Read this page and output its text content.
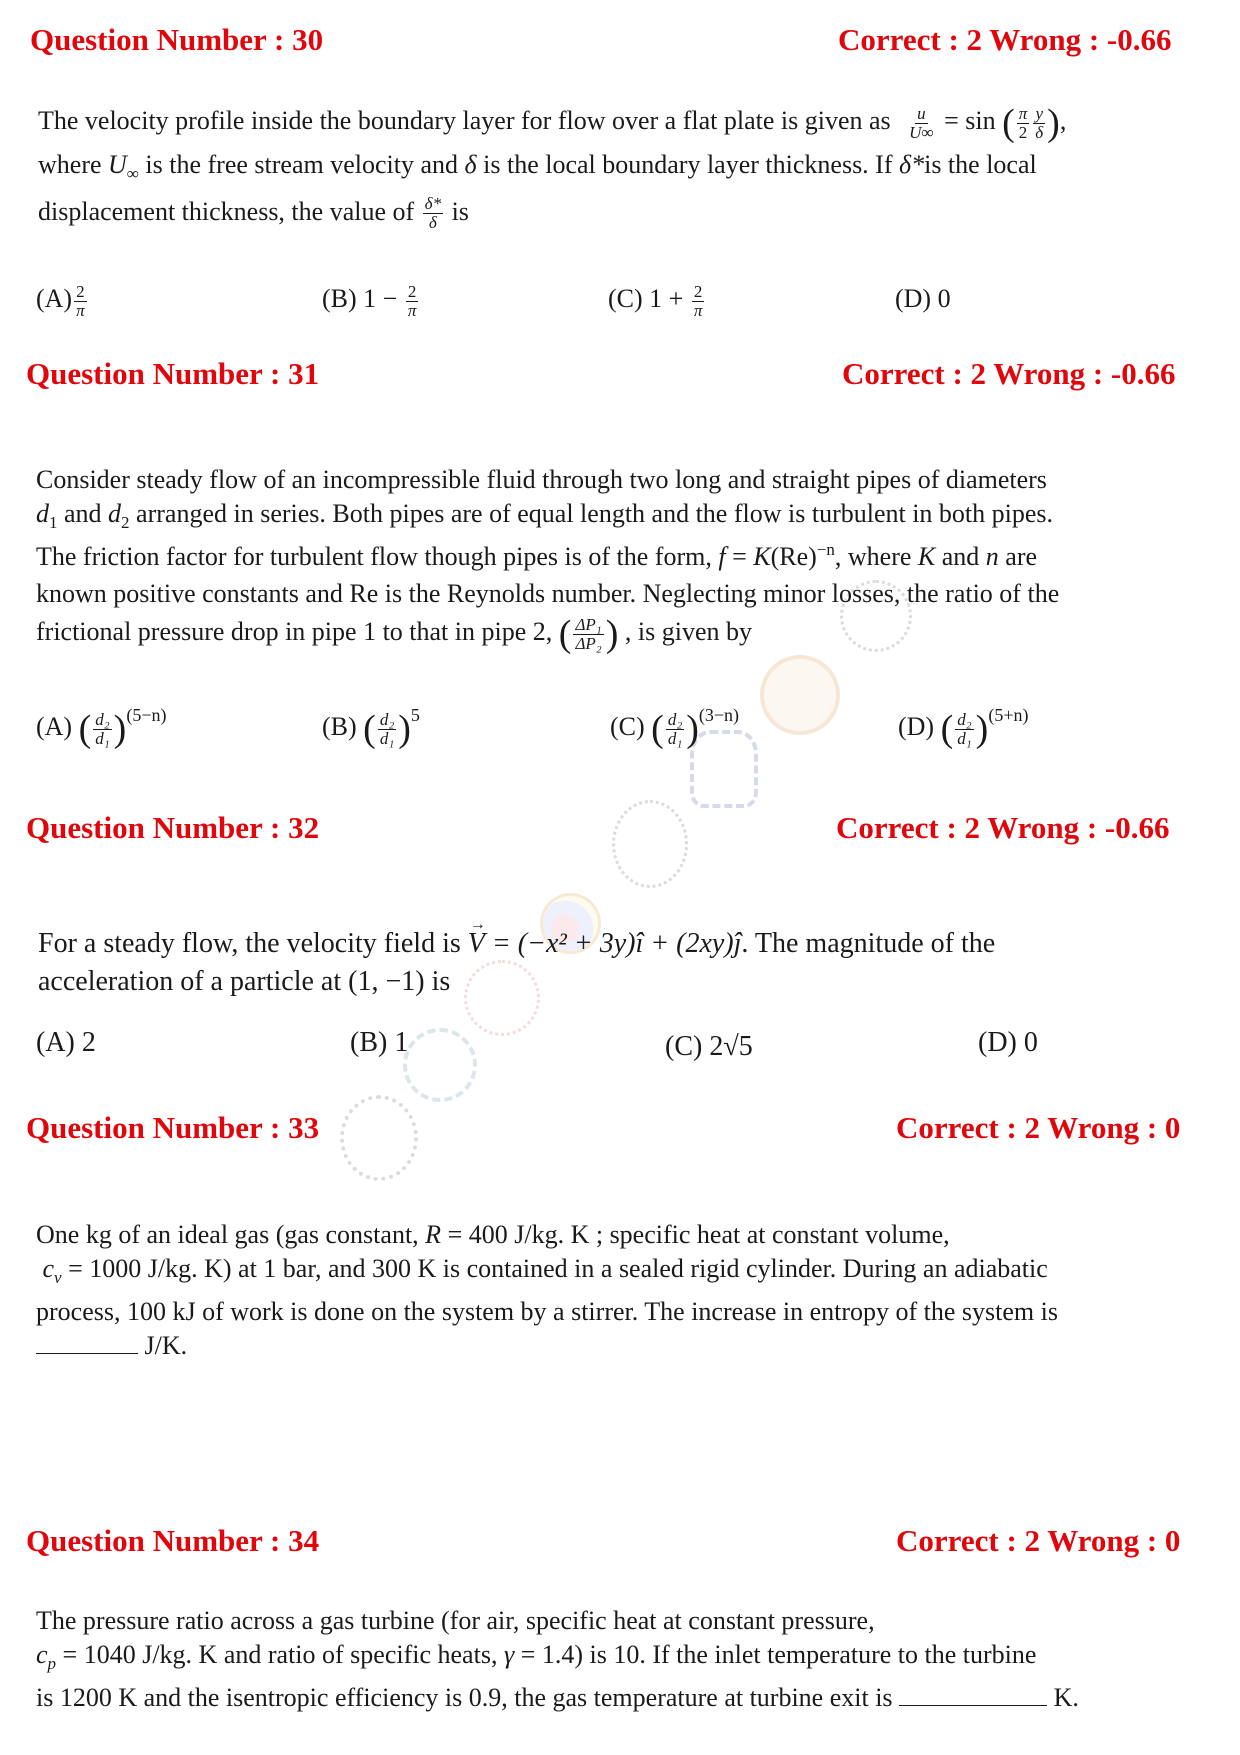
Question Number : 30	Correct : 2 Wrong : -0.66
The velocity profile inside the boundary layer for flow over a flat plate is given as $\frac{u}{U\infty} = \sin$ ( $\frac{\pi}{2} \frac{y}{\delta}$ ),
where $U_\infty$ is the free stream velocity and δ is the local boundary layer thickness. If δ*is the local
displacement thickness, the value of $\frac{\delta*}{\delta}$ is
$(A) \frac{2}{\pi}$	(B) $1 - \frac{2}{\pi}$	(C) $1 + \frac{2}{\pi}$	(D) 0
Question Number : 31	Correct : 2 Wrong : -0.66
Consider steady flow of an incompressible fluid through two long and straight pipes of diameters
$d_1$ and $d_2$ arranged in series. Both pipes are of equal length and the flow is turbulent in both pipes.
The friction factor for turbulent flow though pipes is of the form, $f = K(Re)^{-n}$, where K and n are
known positive constants and Re is the Reynolds number. Neglecting minor losses, the ratio of the
frictional pressure drop in pipe 1 to that in pipe 2, ( $\frac{\text{ΔP₁}}{\text{ΔP₂}}$ ) , is given by
(A) ( $\frac{\text{d₂}}{\text{d₁}} )^{(5-n)}$	(B) ( $\frac{\text{d₂}}{\text{d₁}} )^5$	(C) ( $\frac{\text{d₂}}{\text{d₁}} )^{(3-n)}$	(D) ( $\frac{\text{d₂}}{\text{d₁}} )^{(5+n)}$
Question Number : 32	Correct : 2 Wrong : -0.66
For a steady flow, the velocity field is → V = (−x² + 3y)î + (2xy)ĵ. The magnitude of the
acceleration of a particle at (1, −1) is
(A) 2	(B) 1	(C) 2√5	(D) 0
Question Number : 33	Correct : 2 Wrong : 0
One kg of an ideal gas (gas constant, R = 400 J/kg. K ; specific heat at constant volume,
$c_v = 1000$ J/kg. K) at 1 bar, and 300 K is contained in a sealed rigid cylinder. During an adiabatic
process, 100 kJ of work is done on the system by a stirrer. The increase in entropy of the system is
J/K.
Question Number : 34	Correct : 2 Wrong : 0
The pressure ratio across a gas turbine (for air, specific heat at constant pressure,
$c_p = 1040$ J/kg. K and ratio of specific heats, γ = 1.4) is 10. If the inlet temperature to the turbine
is 1200 K and the isentropic efficiency is 0.9, the gas temperature at turbine exit is	K.
